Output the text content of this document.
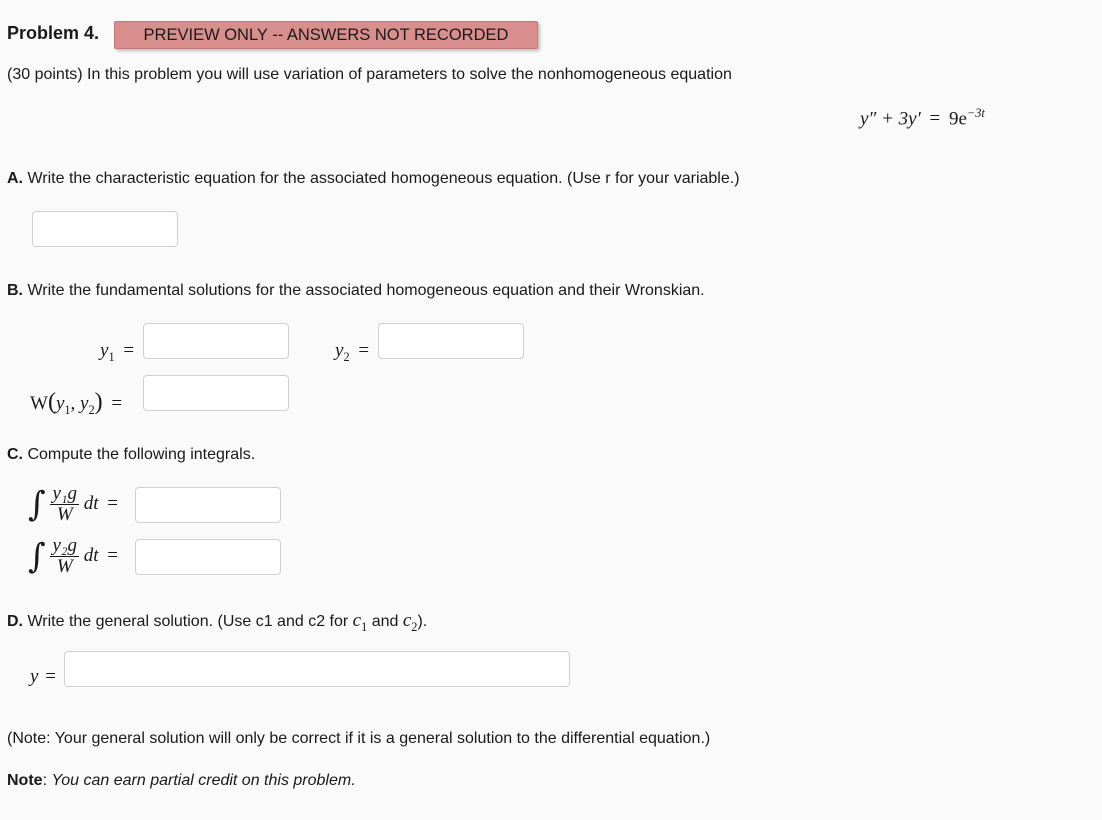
Problem 4.	PREVIEW ONLY -- ANSWERS NOT RECORDED
(30 points) In this problem you will use variation of parameters to solve the nonhomogeneous equation
$y'' + 3y' = 9e^{-3t}$
A. Write the characteristic equation for the associated homogeneous equation. (Use r for your variable.)
B. Write the fundamental solutions for the associated homogeneous equation and their Wronskian.
$y_1$ =	$y_2$ =
$W(y_1$, $y_2$) =
C. Compute the following integrals.
∫ $\frac{\text{y₁g}}{W}$ dt =
∫ $\frac{\text{y₂g}}{W}$ dt =
D. Write the general solution. (Use c1 and c2 for $c_1$ and $c_2$).
y =
(Note: Your general solution will only be correct if it is a general solution to the differential equation.)
Note: You can earn partial credit on this problem.
